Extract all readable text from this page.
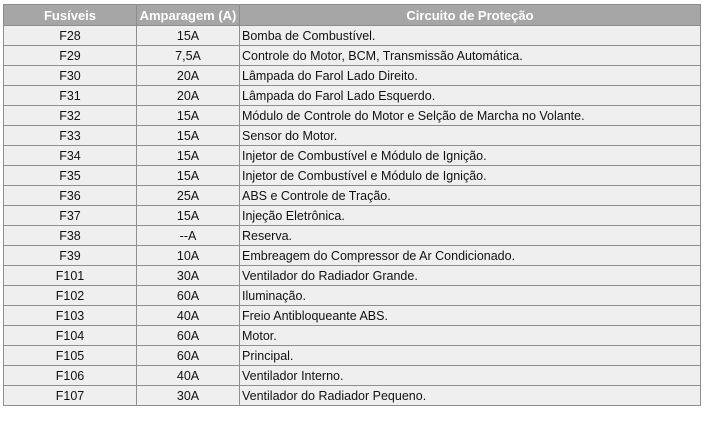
Fusíveis	Amparagem (A)	Circuito de Proteção
F28	15A	Bomba de Combustível.
F29	7,5A	Controle do Motor, BCM, Transmissão Automática.
F30	20A	Lâmpada do Farol Lado Direito.
F31	20A	Lâmpada do Farol Lado Esquerdo.
F32	15A	Módulo de Controle do Motor e Selção de Marcha no Volante.
F33	15A	Sensor do Motor.
F34	15A	Injetor de Combustível e Módulo de Ignição.
F35	15A	Injetor de Combustível e Módulo de Ignição.
F36	25A	ABS e Controle de Tração.
F37	15A	Injeção Eletrônica.
F38	--A	Reserva.
F39	10A	Embreagem do Compressor de Ar Condicionado.
F101	30A	Ventilador do Radiador Grande.
F102	60A	Iluminação.
F103	40A	Freio Antibloqueante ABS.
F104	60A	Motor.
F105	60A	Principal.
F106	40A	Ventilador Interno.
F107	30A	Ventilador do Radiador Pequeno.
